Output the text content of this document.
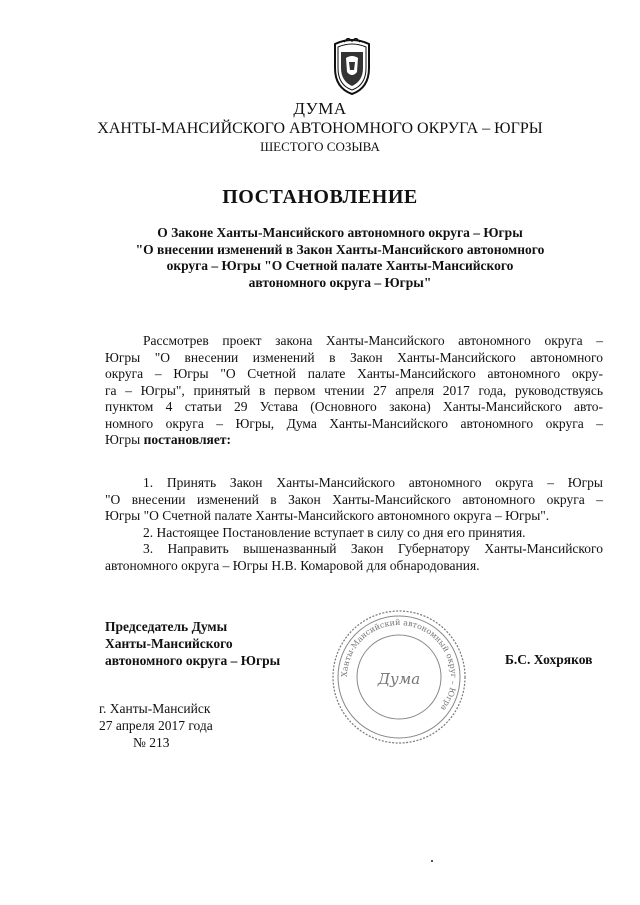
ДУМА
ХАНТЫ-МАНСИЙСКОГО АВТОНОМНОГО ОКРУГА – ЮГРЫ
ШЕСТОГО СОЗЫВА
ПОСТАНОВЛЕНИЕ
О Законе Ханты-Мансийского автономного округа – Югры
"О внесении изменений в Закон Ханты-Мансийского автономного
округа – Югры "О Счетной палате Ханты-Мансийского
автономного округа – Югры"
Рассмотрев проект закона Ханты-Мансийского автономного округа –
Югры "О внесении изменений в Закон Ханты-Мансийского автономного
округа – Югры "О Счетной палате Ханты-Мансийского автономного окру-
га – Югры", принятый в первом чтении 27 апреля 2017 года, руководствуясь
пунктом 4 статьи 29 Устава (Основного закона) Ханты-Мансийского авто-
номного округа – Югры, Дума Ханты-Мансийского автономного округа –
Югры постановляет:
1. Принять Закон Ханты-Мансийского автономного округа – Югры
"О внесении изменений в Закон Ханты-Мансийского автономного округа –
Югры "О Счетной палате Ханты-Мансийского автономного округа – Югры".
2. Настоящее Постановление вступает в силу со дня его принятия.
3. Направить вышеназванный Закон Губернатору Ханты-Мансийского
автономного округа – Югры Н.В. Комаровой для обнародования.
Председатель Думы
Ханты-Мансийского
автономного округа – Югры
Ханты-Мансийский автономный округ – Югра
Дума
Б.С. Хохряков
г. Ханты-Мансийск
27 апреля 2017 года
№ 213
